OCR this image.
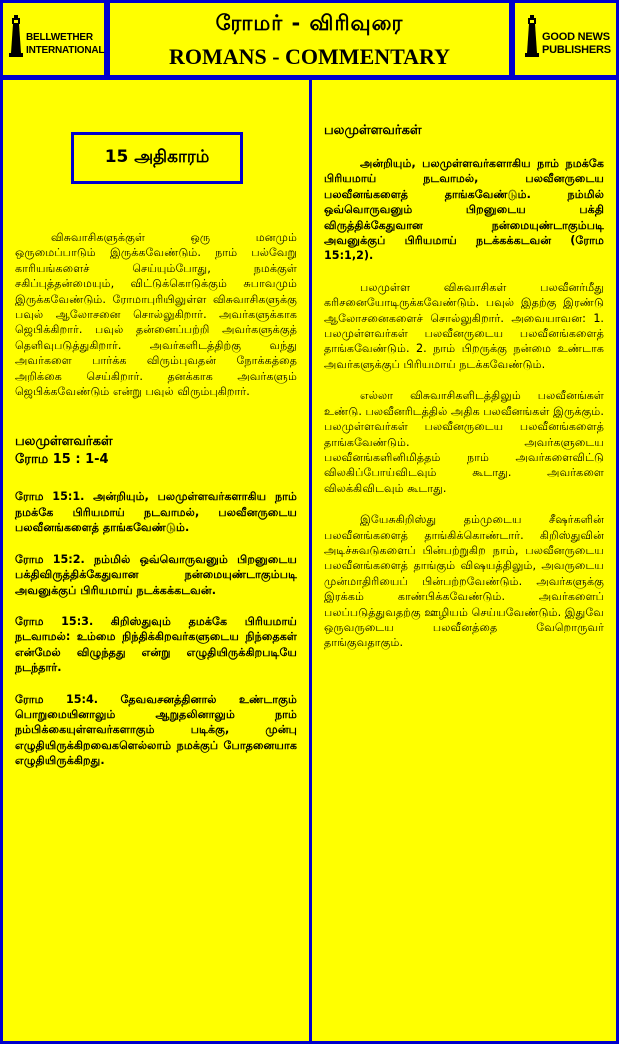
BELLWETHER
INTERNATIONAL
ரோமர் - விரிவுரை
ROMANS - COMMENTARY
GOOD NEWS
PUBLISHERS
15 அதிகாரம்

விசுவாசிகளுக்குள் ஒரு மனமும் ஒருமைப்பாடும் இருக்கவேண்டும். நாம் பல்வேறு காரியங்களைச் செய்யும்போது, நமக்குள் சகிப்புத்தன்மையும், விட்டுக்கொடுக்கும் சுபாவமும் இருக்கவேண்டும். ரோமாபுரியிலுள்ள விசுவாசிகளுக்கு பவுல் ஆலோசனை சொல்லுகிறார். அவர்களுக்காக ஜெபிக்கிறார். பவுல் தன்னைப்பற்றி அவர்களுக்குத் தெளிவுபடுத்துகிறார். அவர்களிடத்திற்கு வந்து அவர்களை பார்க்க விரும்புவதன் நோக்கத்தை அறிக்கை செய்கிறார். தனக்காக அவர்களும் ஜெபிக்கவேண்டும் என்று பவுல் விரும்புகிறார்.

பலமுள்ளவர்கள்
ரோம 15 : 1-4

ரோம 15:1. அன்றியும், பலமுள்ளவர்களாகிய நாம் நமக்கே பிரியமாய் நடவாமல், பலவீனருடைய பலவீனங்களைத் தாங்கவேண்டும்.

ரோம 15:2. நம்மில் ஒவ்வொருவனும் பிறனுடைய பக்திவிருத்திக்கேதுவான நன்மையுண்டாகும்படி அவனுக்குப் பிரியமாய் நடக்கக்கடவன்.

ரோம 15:3. கிறிஸ்துவும் தமக்கே பிரியமாய் நடவாமல்: உம்மை நிந்திக்கிறவர்களுடைய நிந்தைகள் என்மேல் விழுந்தது என்று எழுதியிருக்கிறபடியே நடந்தார்.

ரோம 15:4. தேவவசனத்தினால் உண்டாகும் பொறுமையினாலும் ஆறுதலினாலும் நாம் நம்பிக்கையுள்ளவர்களாகும் படிக்கு, முன்பு எழுதியிருக்கிறவைகளெல்லாம் நமக்குப் போதனையாக எழுதியிருக்கிறது.

பலமுள்ளவர்கள்

அன்றியும், பலமுள்ளவர்களாகிய நாம் நமக்கே பிரியமாய் நடவாமல், பலவீனருடைய பலவீனங்களைத் தாங்கவேண்டும். நம்மில் ஒவ்வொருவனும் பிறனுடைய பக்தி விருத்திக்கேதுவான நன்மையுண்டாகும்படி அவனுக்குப் பிரியமாய் நடக்கக்கடவன் (ரோம 15:1,2).

பலமுள்ள விசுவாசிகள் பலவீனர்மீது கரிசனையோடிருக்கவேண்டும். பவுல் இதற்கு இரண்டு ஆலோசனைகளைச் சொல்லுகிறார். அவையாவன: 1. பலமுள்ளவர்கள் பலவீனருடைய பலவீனங்களைத் தாங்கவேண்டும். 2. நாம் பிறருக்கு நன்மை உண்டாக அவர்களுக்குப் பிரியமாய் நடக்கவேண்டும்.

எல்லா விசுவாசிகளிடத்திலும் பலவீனங்கள் உண்டு. பலவீனரிடத்தில் அதிக பலவீனங்கள் இருக்கும். பலமுள்ளவர்கள் பலவீனருடைய பலவீனங்களைத் தாங்கவேண்டும். அவர்களுடைய பலவீனங்களினிமித்தம் நாம் அவர்களைவிட்டு விலகிப்போய்விடவும் கூடாது. அவர்களை விலக்கிவிடவும் கூடாது.

இயேசுகிறிஸ்து தம்முடைய சீஷர்களின் பலவீனங்களைத் தாங்கிக்கொண்டார். கிறிஸ்துவின் அடிச்சுவடுகளைப் பின்பற்றுகிற நாம், பலவீனருடைய பலவீனங்களைத் தாங்கும் விஷயத்திலும், அவருடைய முன்மாதிரியைப் பின்பற்றவேண்டும். அவர்களுக்கு இரக்கம் காண்பிக்கவேண்டும். அவர்களைப் பலப்படுத்துவதற்கு ஊழியம் செய்யவேண்டும். இதுவே ஒருவருடைய பலவீனத்தை வேறொருவர் தாங்குவதாகும்.
